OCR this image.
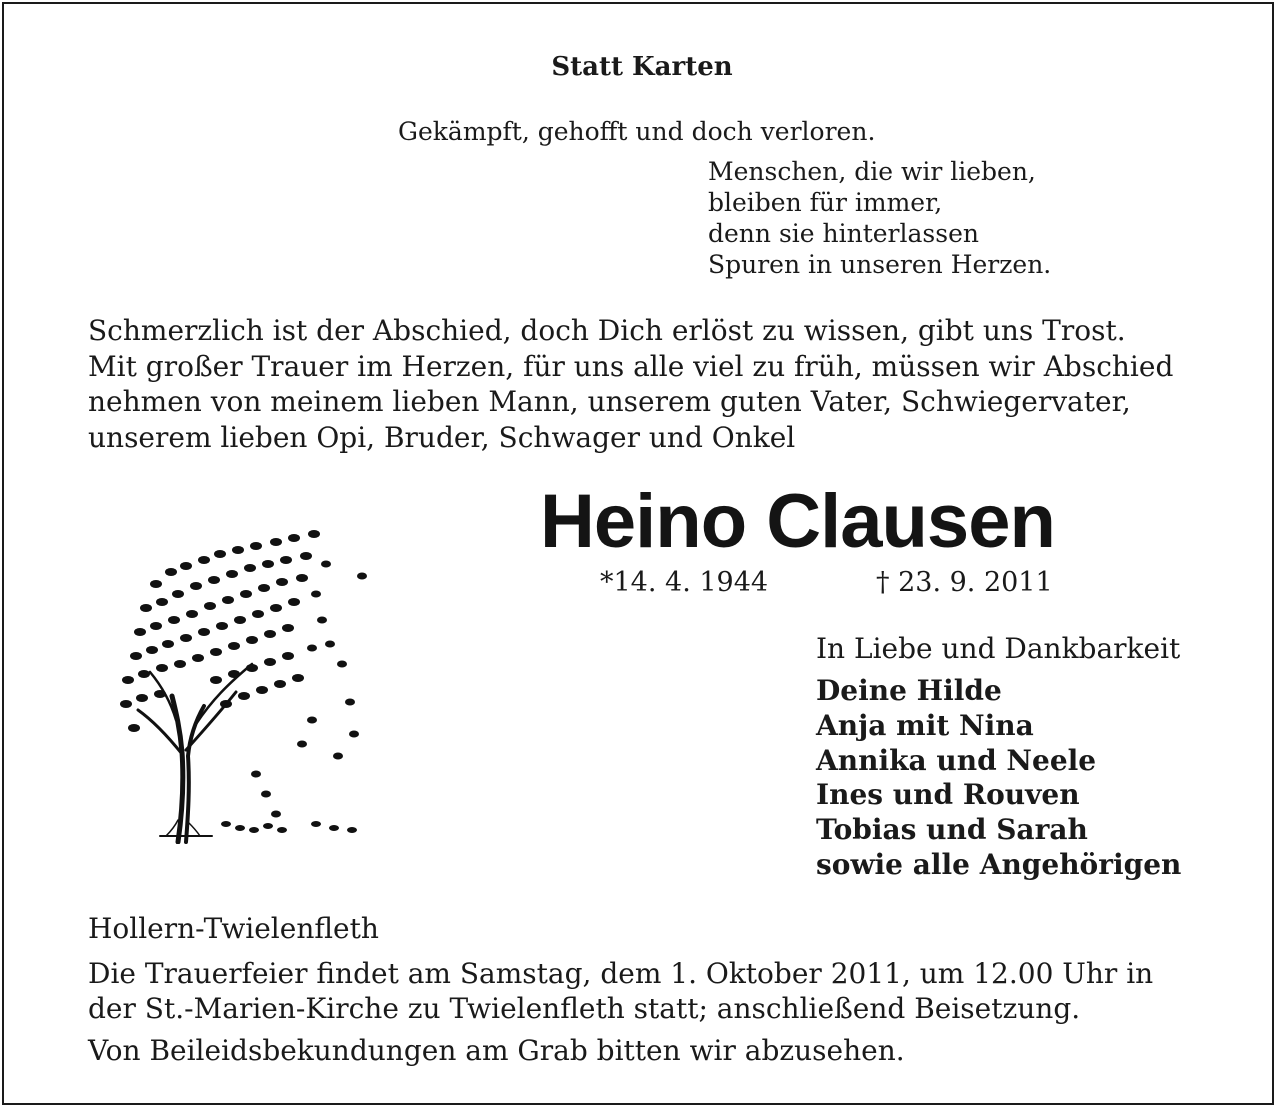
Statt Karten
Gekämpft, gehofft und doch verloren.
Menschen, die wir lieben,
bleiben für immer,
denn sie hinterlassen
Spuren in unseren Herzen.
Schmerzlich ist der Abschied, doch Dich erlöst zu wissen, gibt uns Trost.
Mit großer Trauer im Herzen, für uns alle viel zu früh, müssen wir Abschied
nehmen von meinem lieben Mann, unserem guten Vater, Schwiegervater,
unserem lieben Opi, Bruder, Schwager und Onkel
Heino Clausen
*14. 4. 1944	† 23. 9. 2011
In Liebe und Dankbarkeit
Deine Hilde
Anja mit Nina
Annika und Neele
Ines und Rouven
Tobias und Sarah
sowie alle Angehörigen
Hollern-Twielenfleth
Die Trauerfeier findet am Samstag, dem 1. Oktober 2011, um 12.00 Uhr in
der St.-Marien-Kirche zu Twielenfleth statt; anschließend Beisetzung.
Von Beileidsbekundungen am Grab bitten wir abzusehen.
